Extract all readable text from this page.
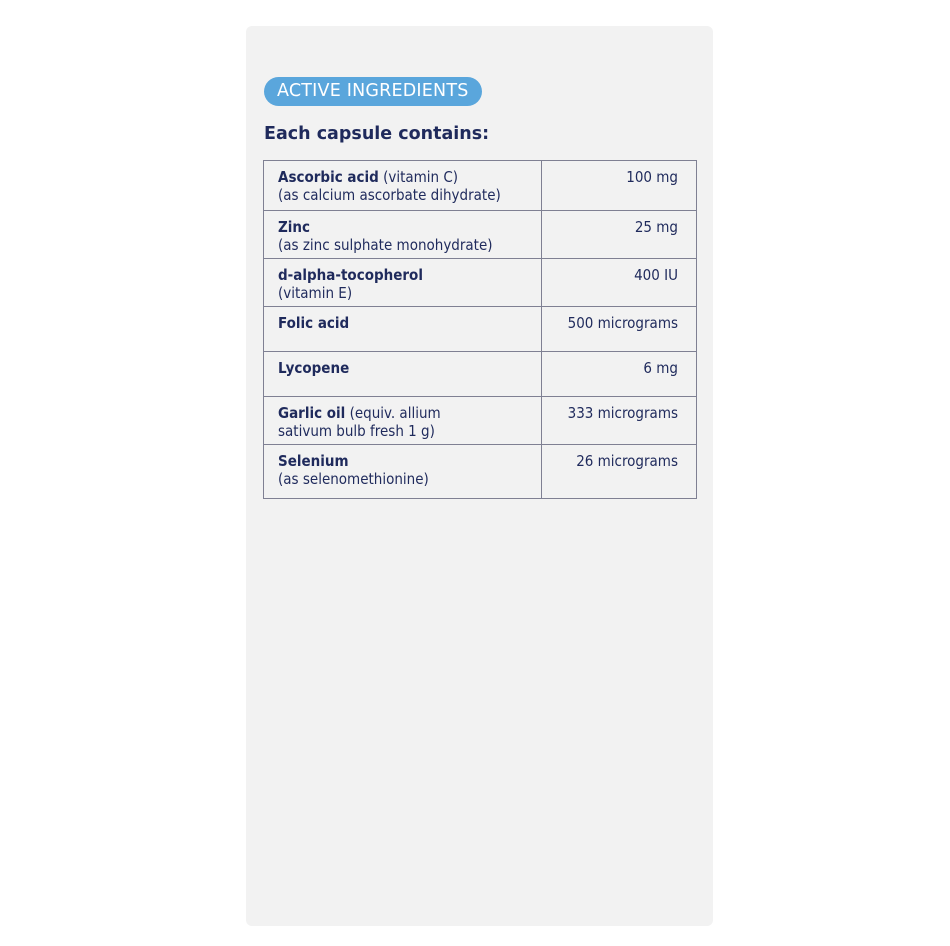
ACTIVE INGREDIENTS
Each capsule contains:
Ascorbic acid (vitamin C)
(as calcium ascorbate dihydrate)	100 mg
Zinc
(as zinc sulphate monohydrate)	25 mg
d-alpha-tocopherol
(vitamin E)	400 IU
Folic acid	500 micrograms
Lycopene	6 mg
Garlic oil (equiv. allium
sativum bulb fresh 1 g)	333 micrograms
Selenium
(as selenomethionine)	26 micrograms
